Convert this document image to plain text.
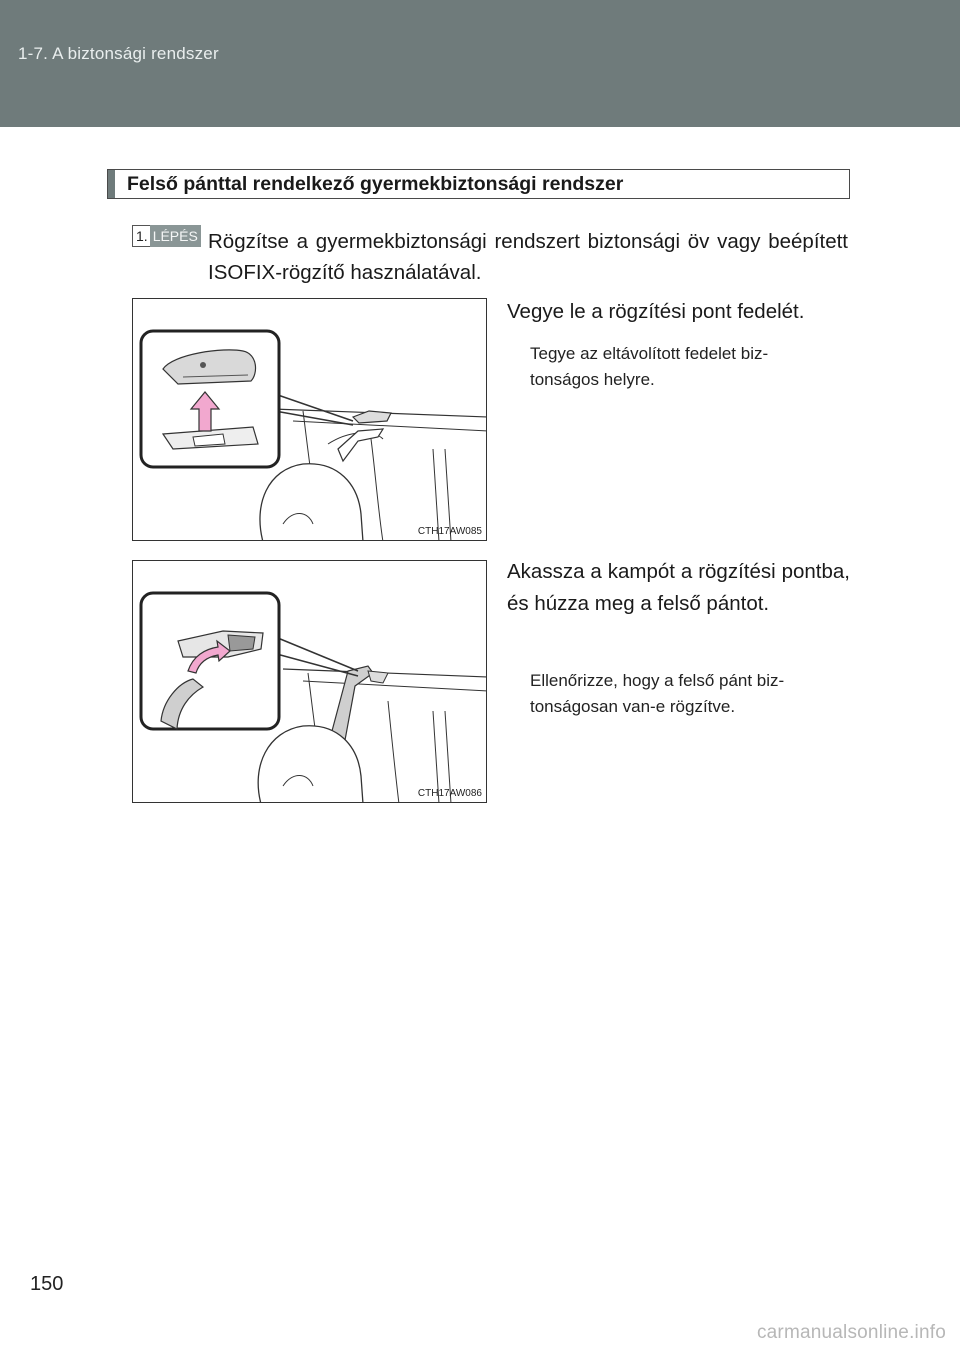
1-7. A biztonsági rendszer
Felső pánttal rendelkező gyermekbiztonsági rendszer
1. LÉPÉS Rögzítse a gyermekbiztonsági rendszert biztonsági öv vagy beépített ISOFIX-rögzítő használatával.
CTH17AW085
Vegye le a rögzítési pont fedelét.
Tegye az eltávolított fedelet biz-tonságos helyre.
CTH17AW086
Akassza a kampót a rögzítési pontba, és húzza meg a felső pántot.
Ellenőrizze, hogy a felső pánt biz-tonságosan van-e rögzítve.
150
carmanualsonline.info
